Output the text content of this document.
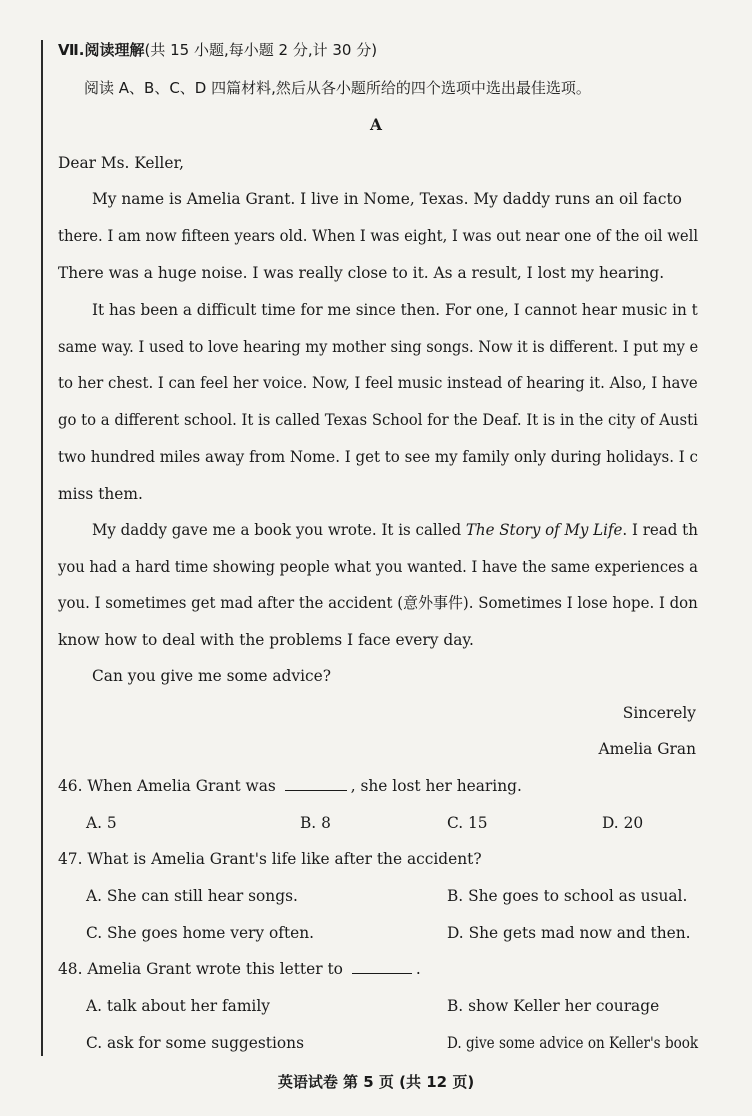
Ⅶ.阅读理解(共 15 小题,每小题 2 分,计 30 分)
阅读 A、B、C、D 四篇材料,然后从各小题所给的四个选项中选出最佳选项。
A
Dear Ms. Keller,
My name is Amelia Grant. I live in Nome, Texas. My daddy runs an oil facto
there. I am now fifteen years old. When I was eight, I was out near one of the oil well
There was a huge noise. I was really close to it. As a result, I lost my hearing.
It has been a difficult time for me since then. For one, I cannot hear music in t
same way. I used to love hearing my mother sing songs. Now it is different. I put my e
to her chest. I can feel her voice. Now, I feel music instead of hearing it. Also, I have
go to a different school. It is called Texas School for the Deaf. It is in the city of Austi
two hundred miles away from Nome. I get to see my family only during holidays. I c
miss them.
My daddy gave me a book you wrote. It is called The Story of My Life. I read th
you had a hard time showing people what you wanted. I have the same experiences a
you. I sometimes get mad after the accident (意外事件). Sometimes I lose hope. I don
know how to deal with the problems I face every day.
Can you give me some advice?
Sincerely
Amelia Gran
46. When Amelia Grant was	, she lost her hearing.
A. 5	B. 8	C. 15	D. 20
47. What is Amelia Grant's life like after the accident?
A. She can still hear songs.	B. She goes to school as usual.
C. She goes home very often.	D. She gets mad now and then.
48. Amelia Grant wrote this letter to	.
A. talk about her family	B. show Keller her courage
C. ask for some suggestions	D. give some advice on Keller's book
英语试卷 第 5 页 (共 12 页)
